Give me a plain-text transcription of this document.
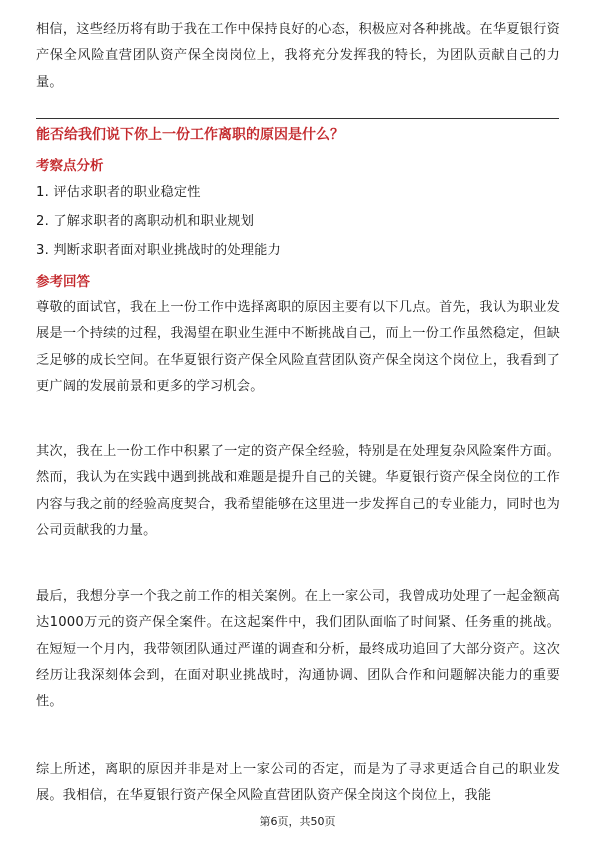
相信，这些经历将有助于我在工作中保持良好的心态，积极应对各种挑战。在华夏银行资产保全风险直营团队资产保全岗岗位上，我将充分发挥我的特长，为团队贡献自己的力量。

能否给我们说下你上一份工作离职的原因是什么？

考察点分析

1. 评估求职者的职业稳定性

2. 了解求职者的离职动机和职业规划

3. 判断求职者面对职业挑战时的处理能力

参考回答

尊敬的面试官，我在上一份工作中选择离职的原因主要有以下几点。首先，我认为职业发展是一个持续的过程，我渴望在职业生涯中不断挑战自己，而上一份工作虽然稳定，但缺乏足够的成长空间。在华夏银行资产保全风险直营团队资产保全岗这个岗位上，我看到了更广阔的发展前景和更多的学习机会。

其次，我在上一份工作中积累了一定的资产保全经验，特别是在处理复杂风险案件方面。然而，我认为在实践中遇到挑战和难题是提升自己的关键。华夏银行资产保全岗位的工作内容与我之前的经验高度契合，我希望能够在这里进一步发挥自己的专业能力，同时也为公司贡献我的力量。

最后，我想分享一个我之前工作的相关案例。在上一家公司，我曾成功处理了一起金额高达1000万元的资产保全案件。在这起案件中，我们团队面临了时间紧、任务重的挑战。在短短一个月内，我带领团队通过严谨的调查和分析，最终成功追回了大部分资产。这次经历让我深刻体会到，在面对职业挑战时，沟通协调、团队合作和问题解决能力的重要性。

综上所述，离职的原因并非是对上一家公司的否定，而是为了寻求更适合自己的职业发展。我相信，在华夏银行资产保全风险直营团队资产保全岗这个岗位上，我能

第6页，共50页
